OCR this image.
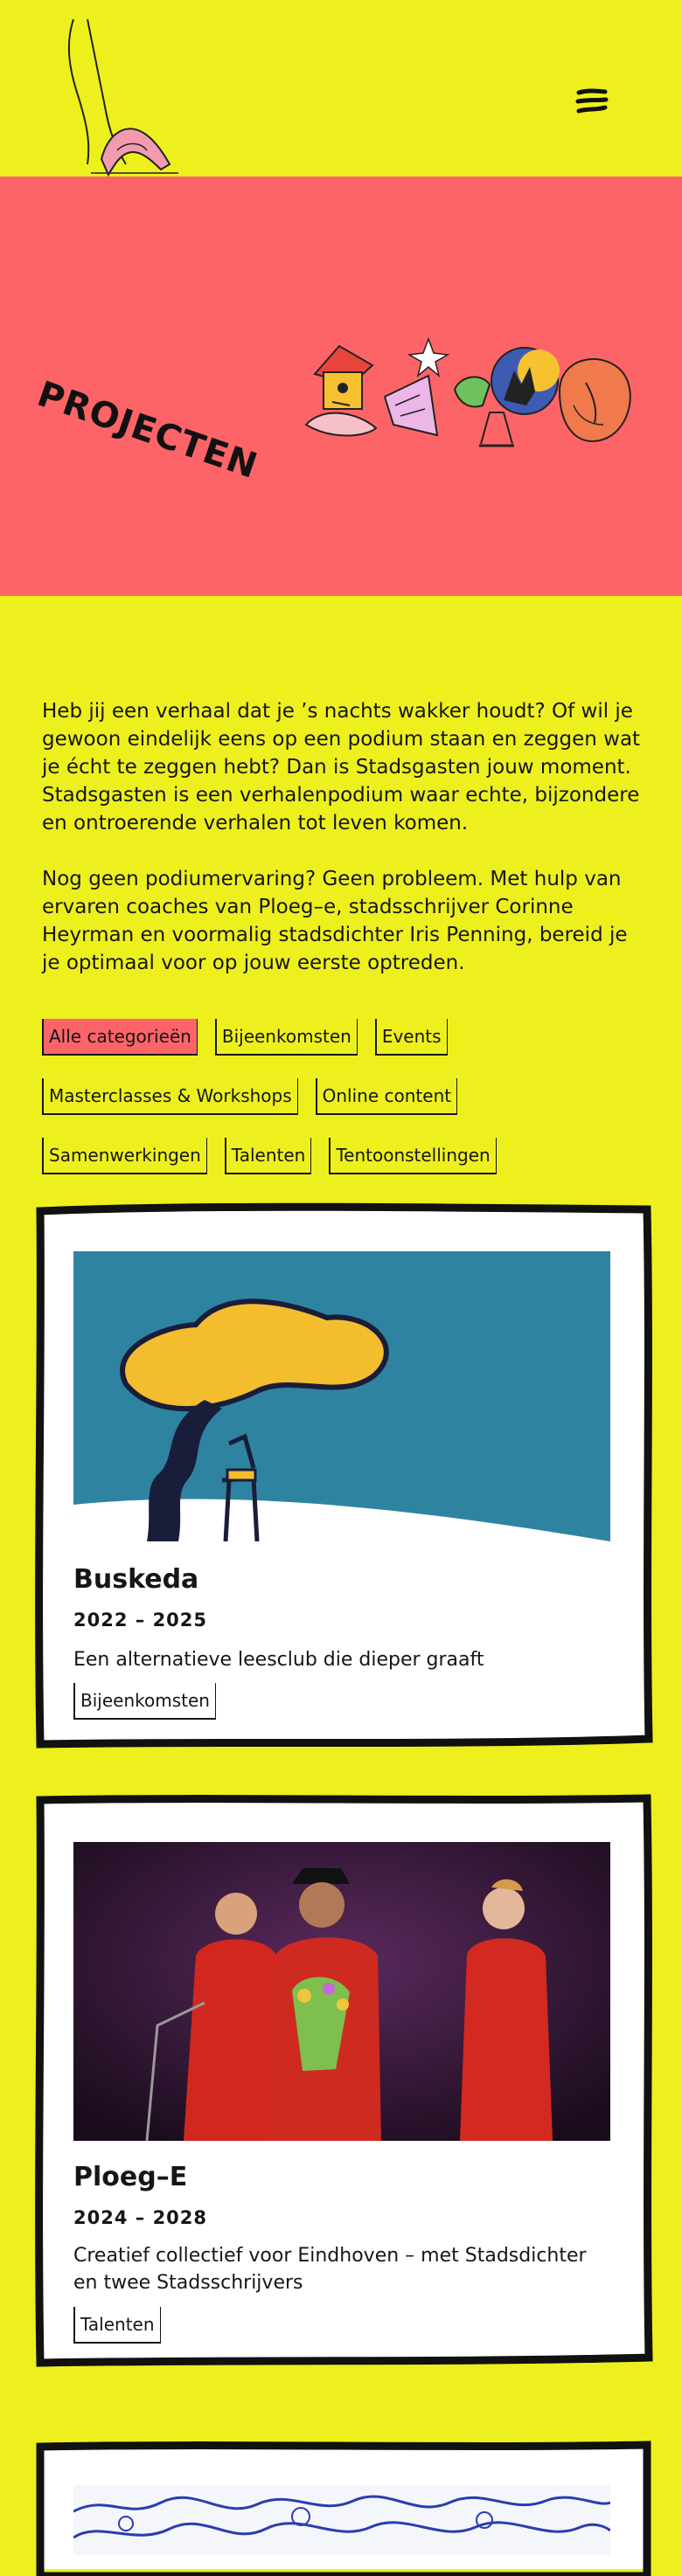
PROJECTEN

Heb jij een verhaal dat je ’s nachts wakker houdt? Of wil je gewoon eindelijk eens op een podium staan en zeggen wat je écht te zeggen hebt? Dan is Stadsgasten jouw moment. Stadsgasten is een verhalenpodium waar echte, bijzondere en ontroerende verhalen tot leven komen.

Nog geen podiumervaring? Geen probleem. Met hulp van ervaren coaches van Ploeg–e, stadsschrijver Corinne Heyrman en voormalig stadsdichter Iris Penning, bereid je je optimaal voor op jouw eerste optreden.

Alle categorieën	Bijeenkomsten	Events
Masterclasses & Workshops	Online content
Samenwerkingen	Talenten	Tentoonstellingen
Buskeda
2022 – 2025
Een alternatieve leesclub die dieper graaft
Bijeenkomsten
Ploeg–E
2024 – 2028
Creatief collectief voor Eindhoven – met Stadsdichter en twee Stadsschrijvers
Talenten
